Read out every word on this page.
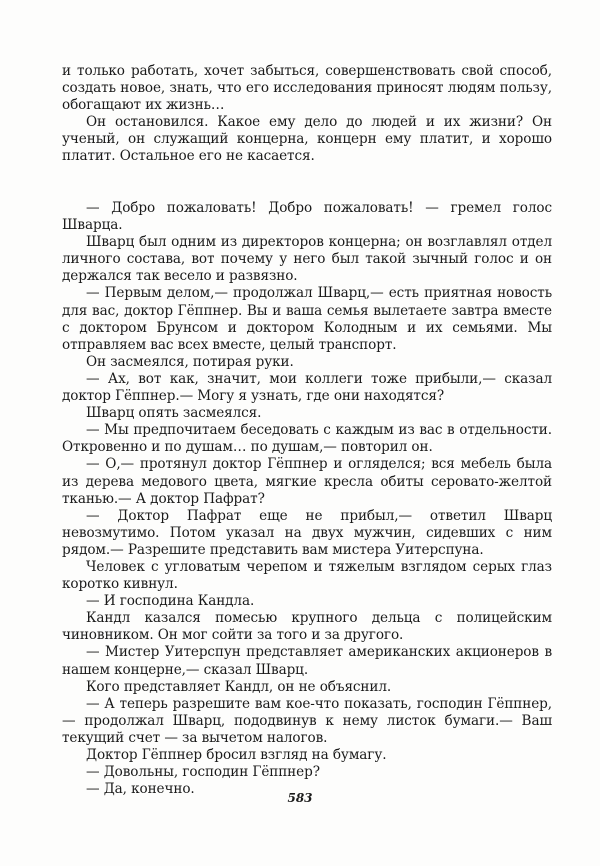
и только работать, хочет забыться, совершенствовать свой способ, создать новое, знать, что его исследования приносят людям пользу, обогащают их жизнь…

Он остановился. Какое ему дело до людей и их жизни? Он ученый, он служащий концерна, концерн ему платит, и хорошо платит. Остальное его не касается.

— Добро пожаловать! Добро пожаловать! — гремел голос Шварца.

Шварц был одним из директоров концерна; он возглавлял отдел личного состава, вот почему у него был такой зычный голос и он держался так весело и развязно.

— Первым делом,— продолжал Шварц,— есть приятная новость для вас, доктор Гёппнер. Вы и ваша семья вылетаете завтра вместе с доктором Брунсом и доктором Колодным и их семьями. Мы отправляем вас всех вместе, целый транспорт.

Он засмеялся, потирая руки.

— Ах, вот как, значит, мои коллеги тоже прибыли,— сказал доктор Гёппнер.— Могу я узнать, где они находятся?

Шварц опять засмеялся.

— Мы предпочитаем беседовать с каждым из вас в отдельности. Откровенно и по душам… по душам,— повторил он.

— О,— протянул доктор Гёппнер и огляделся; вся мебель была из дерева медового цвета, мягкие кресла обиты серовато-желтой тканью.— А доктор Пафрат?

— Доктор Пафрат еще не прибыл,— ответил Шварц невозмутимо. Потом указал на двух мужчин, сидевших с ним рядом.— Разрешите представить вам мистера Уитерспуна.

Человек с угловатым черепом и тяжелым взглядом серых глаз коротко кивнул.

— И господина Кандла.

Кандл казался помесью крупного дельца с полицейским чиновником. Он мог сойти за того и за другого.

— Мистер Уитерспун представляет американских акционеров в нашем концерне,— сказал Шварц.

Кого представляет Кандл, он не объяснил.

— А теперь разрешите вам кое-что показать, господин Гёппнер,— продолжал Шварц, пододвинув к нему листок бумаги.— Ваш текущий счет — за вычетом налогов.

Доктор Гёппнер бросил взгляд на бумагу.

— Довольны, господин Гёппнер?

— Да, конечно.

583
